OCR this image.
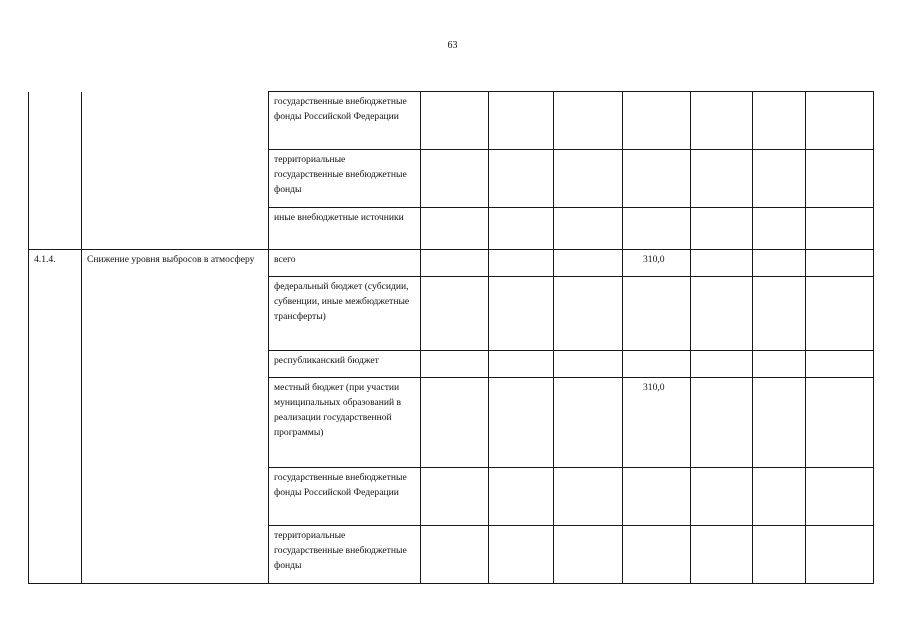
63
		государственные внебюджетные фонды Российской Федерации							
		территориальные государственные внебюджетные фонды							
		иные внебюджетные источники							
4.1.4.	Снижение уровня выбросов в атмосферу	всего				310,0			
		федеральный бюджет (субсидии, субвенции, иные межбюджетные трансферты)							
		республиканский бюджет							
		местный бюджет (при участии муниципальных образований в реализации государственной программы)				310,0			
		государственные внебюджетные фонды Российской Федерации							
		территориальные государственные внебюджетные фонды							
